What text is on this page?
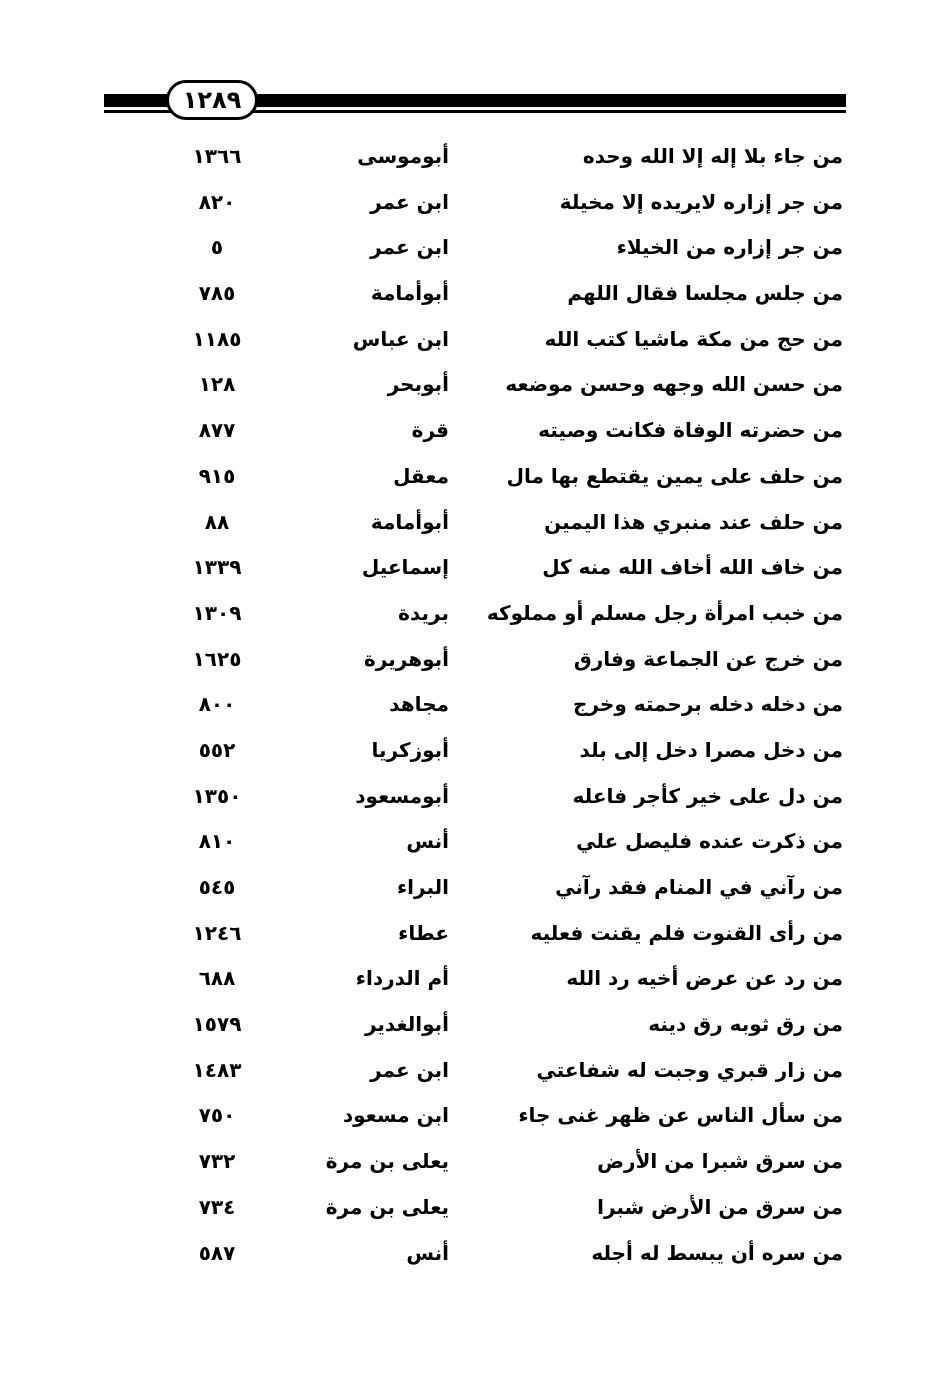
١٢٨٩
من جاء بلا إله إلا الله وحده
أبوموسى
١٣٦٦
من جر إزاره لايريده إلا مخيلة
ابن عمر
٨٢٠
من جر إزاره من الخيلاء
ابن عمر
٥
من جلس مجلسا فقال اللهم
أبوأمامة
٧٨٥
من حج من مكة ماشيا كتب الله
ابن عباس
١١٨٥
من حسن الله وجهه وحسن موضعه
أبوبحر
١٢٨
من حضرته الوفاة فكانت وصيته
قرة
٨٧٧
من حلف على يمين يقتطع بها مال
معقل
٩١٥
من حلف عند منبري هذا اليمين
أبوأمامة
٨٨
من خاف الله أخاف الله منه كل
إسماعيل
١٣٣٩
من خبب امرأة رجل مسلم أو مملوكه
بريدة
١٣٠٩
من خرج عن الجماعة وفارق
أبوهريرة
١٦٢٥
من دخله دخله برحمته وخرج
مجاهد
٨٠٠
من دخل مصرا دخل إلى بلد
أبوزكريا
٥٥٢
من دل على خير كأجر فاعله
أبومسعود
١٣٥٠
من ذكرت عنده فليصل علي
أنس
٨١٠
من رآني في المنام فقد رآني
البراء
٥٤٥
من رأى القنوت فلم يقنت فعليه
عطاء
١٢٤٦
من رد عن عرض أخيه رد الله
أم الدرداء
٦٨٨
من رق ثوبه رق دينه
أبوالغدير
١٥٧٩
من زار قبري وجبت له شفاعتي
ابن عمر
١٤٨٣
من سأل الناس عن ظهر غنى جاء
ابن مسعود
٧٥٠
من سرق شبرا من الأرض
يعلى بن مرة
٧٣٢
من سرق من الأرض شبرا
يعلى بن مرة
٧٣٤
من سره أن يبسط له أجله
أنس
٥٨٧
